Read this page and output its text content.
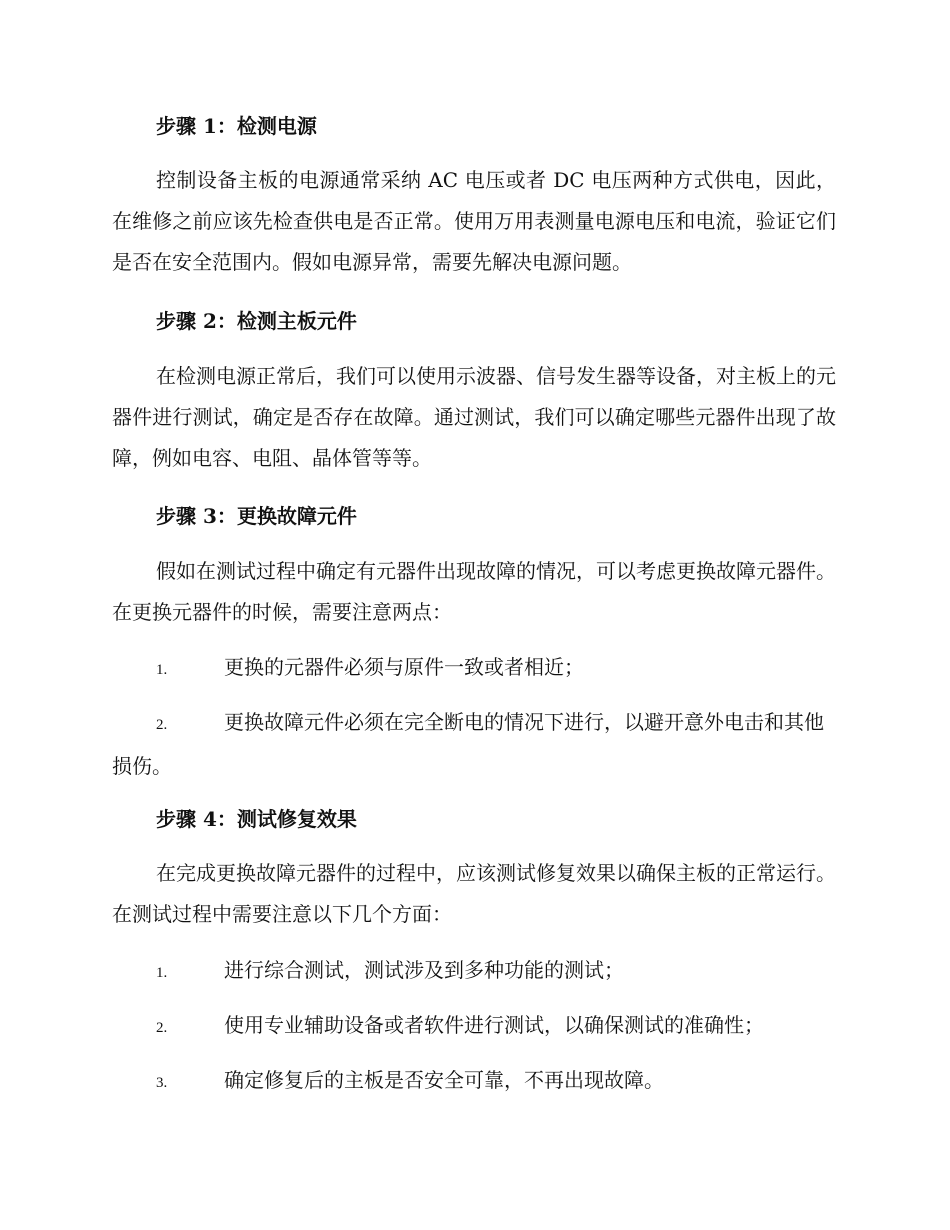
步骤 1：检测电源
控制设备主板的电源通常采纳 AC 电压或者 DC 电压两种方式供电，因此，在维修之前应该先检查供电是否正常。使用万用表测量电源电压和电流，验证它们是否在安全范围内。假如电源异常，需要先解决电源问题。
步骤 2：检测主板元件
在检测电源正常后，我们可以使用示波器、信号发生器等设备，对主板上的元器件进行测试，确定是否存在故障。通过测试，我们可以确定哪些元器件出现了故障，例如电容、电阻、晶体管等等。
步骤 3：更换故障元件
假如在测试过程中确定有元器件出现故障的情况，可以考虑更换故障元器件。在更换元器件的时候，需要注意两点：
1.	更换的元器件必须与原件一致或者相近；
2.	更换故障元件必须在完全断电的情况下进行，以避开意外电击和其他损伤。
步骤 4：测试修复效果
在完成更换故障元器件的过程中，应该测试修复效果以确保主板的正常运行。在测试过程中需要注意以下几个方面：
1.	进行综合测试，测试涉及到多种功能的测试；
2.	使用专业辅助设备或者软件进行测试，以确保测试的准确性；
3.	确定修复后的主板是否安全可靠，不再出现故障。
